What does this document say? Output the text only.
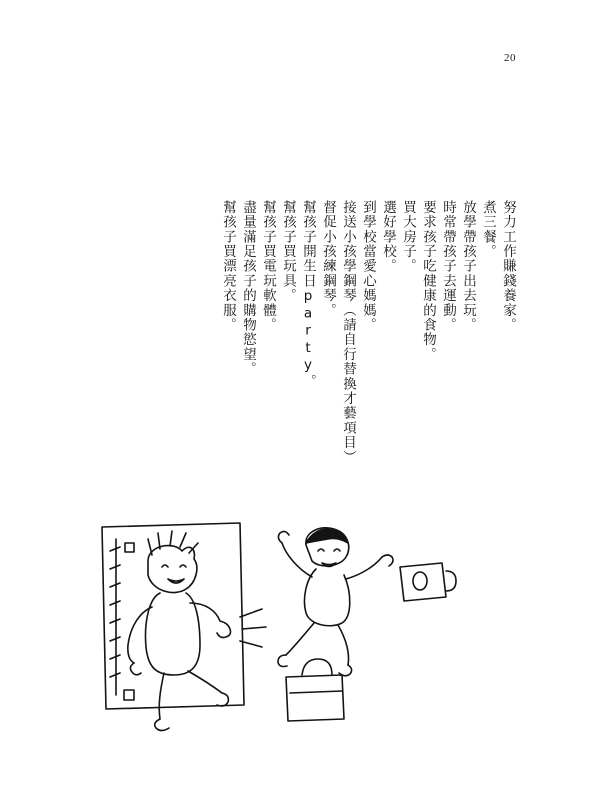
20
幫孩子買漂亮衣服。 盡量滿足孩子的購物慾望。 幫孩子買電玩軟體。 幫孩子買玩具。 幫孩子開生日party。 督促小孩練鋼琴。 接送小孩學鋼琴（請自行替換才藝項目） 到學校當愛心媽媽。 選好學校。 買大房子。 要求孩子吃健康的食物。 時常帶孩子去運動。 放學帶孩子出去玩。 煮三餐。 努力工作賺錢養家。
